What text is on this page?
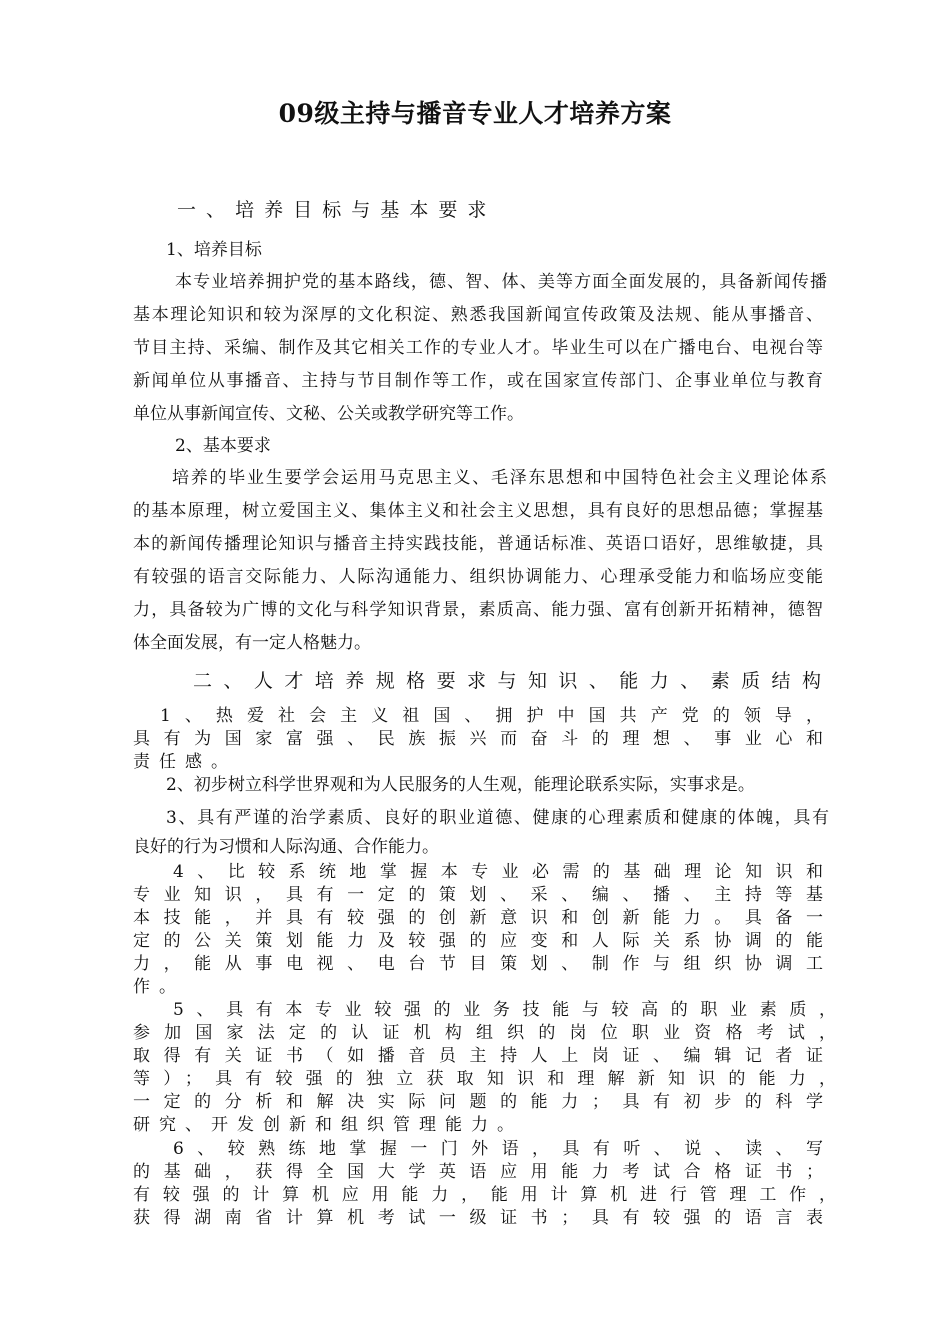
09级主持与播音专业人才培养方案
一 、 培 养 目 标 与 基 本 要 求
1、培养目标
本专业培养拥护党的基本路线，德、智、体、美等方面全面发展的，具备新闻传播
基本理论知识和较为深厚的文化积淀、熟悉我国新闻宣传政策及法规、能从事播音、
节目主持、采编、制作及其它相关工作的专业人才。毕业生可以在广播电台、电视台等
新闻单位从事播音、主持与节目制作等工作，或在国家宣传部门、企事业单位与教育
单位从事新闻宣传、文秘、公关或教学研究等工作。
2、基本要求
培养的毕业生要学会运用马克思主义、毛泽东思想和中国特色社会主义理论体系
的基本原理，树立爱国主义、集体主义和社会主义思想，具有良好的思想品德；掌握基
本的新闻传播理论知识与播音主持实践技能，普通话标准、英语口语好，思维敏捷，具
有较强的语言交际能力、人际沟通能力、组织协调能力、心理承受能力和临场应变能
力，具备较为广博的文化与科学知识背景，素质高、能力强、富有创新开拓精神，德智
体全面发展，有一定人格魅力。
二 、 人 才 培 养 规 格 要 求 与 知 识 、 能 力 、 素 质 结 构
1、热爱社会主义祖国、拥护中国共产党的领导，
具有为国家富强、民族振兴而奋斗的理想、事业心和
责任感。
2、初步树立科学世界观和为人民服务的人生观，能理论联系实际，实事求是。
3、具有严谨的治学素质、良好的职业道德、健康的心理素质和健康的体魄，具有
良好的行为习惯和人际沟通、合作能力。
4、比较系统地掌握本专业必需的基础理论知识和
专业知识，具有一定的策划、采、编、播、主持等基
本技能，并具有较强的创新意识和创新能力。具备一
定的公关策划能力及较强的应变和人际关系协调的能
力，能从事电视、电台节目策划、制作与组织协调工
作。
5、具有本专业较强的业务技能与较高的职业素质，
参加国家法定的认证机构组织的岗位职业资格考试，
取得有关证书（如播音员主持人上岗证、编辑记者证
等）；具有较强的独立获取知识和理解新知识的能力，
一定的分析和解决实际问题的能力；具有初步的科学
研究、开发创新和组织管理能力。
6、较熟练地掌握一门外语，具有听、说、读、写
的基础，获得全国大学英语应用能力考试合格证书；
有较强的计算机应用能力，能用计算机进行管理工作，
获得湖南省计算机考试一级证书；具有较强的语言表
